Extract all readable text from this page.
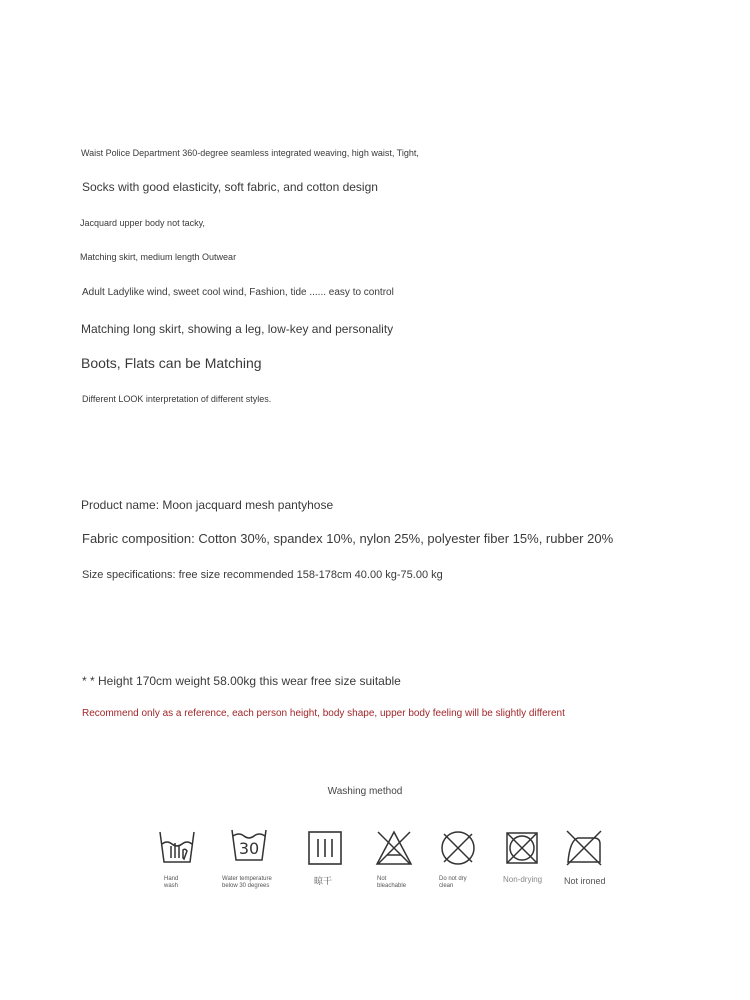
Waist Police Department 360-degree seamless integrated weaving, high waist, Tight,
Socks with good elasticity, soft fabric, and cotton design
Jacquard upper body not tacky,
Matching skirt, medium length Outwear
Adult Ladylike wind, sweet cool wind, Fashion, tide ...... easy to control
Matching long skirt, showing a leg, low-key and personality
Boots, Flats can be Matching
Different LOOK interpretation of different styles.
Product name: Moon jacquard mesh pantyhose
Fabric composition: Cotton 30%, spandex 10%, nylon 25%, polyester fiber 15%, rubber 20%
Size specifications: free size recommended 158-178cm 40.00 kg-75.00 kg
* * Height 170cm weight 58.00kg this wear free size suitable
Recommend only as a reference, each person height, body shape, upper body feeling will be slightly different
Washing method
Hand wash
30
Water temperature below 30 degrees	晾干	Not bleachable
Do not dry clean
Non-drying	Not ironed
